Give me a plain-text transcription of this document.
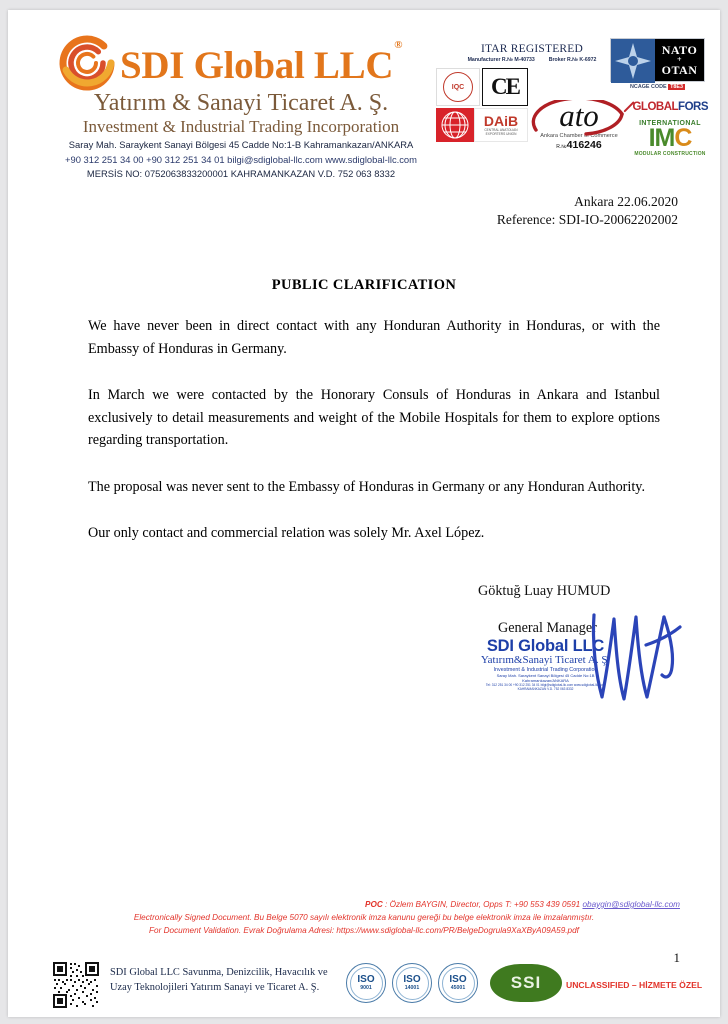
SDI Global LLC®
Yatırım & Sanayi Ticaret A. Ş.
Investment & Industrial Trading Incorporation
Saray Mah. Saraykent Sanayi Bölgesi 45 Cadde No:1-B Kahramankazan/ANKARA
+90 312 251 34 00 +90 312 251 34 01 bilgi@sdiglobal-llc.com www.sdiglobal-llc.com
MERSİS NO: 0752063833200001 KAHRAMANKAZAN V.D. 752 063 8332
ITAR REGISTERED
Manufacturer R.№ M-40733	Broker R.№ K-6972
NATO
+
OTAN
NCAGE CODE T8E3
IQC	CE
DAiB
CENTRAL ANATOLIAN EXPORTERS UNION
ato
Ankara Chamber of Commerce
R.№416246
GLOBALFORS
INTERNATIONAL
IMC
MODULAR CONSTRUCTION
Ankara 22.06.2020
Reference: SDI-IO-20062202002
PUBLIC CLARIFICATION

We have never been in direct contact with any Honduran Authority in Honduras, or with the Embassy of Honduras in Germany.

In March we were contacted by the Honorary Consuls of Honduras in Ankara and Istanbul exclusively to detail measurements and weight of the Mobile Hospitals for them to explore options regarding transportation.

The proposal was never sent to the Embassy of Honduras in Germany or any Honduran Authority.

Our only contact and commercial relation was solely Mr. Axel López.

Göktuğ Luay HUMUD
General Manager
SDI Global LLC
Yatırım&Sanayi Ticaret A. Ş.
Investment & Industrial Trading Corporation
Saray Mah. Saraykent Sanayi Bölgesi 45 Cadde No:1B
Kahramankazan/ANKARA
Tel: 312 251 34 00 +90 312 251 34 01 bilgi@sdiglobal-llc.com www.sdiglobal-llc.com
KAHRAMANKAZAN V.D. 752 063 8332
POC : Özlem BAYGIN, Director, Opps T: +90 553 439 0591 obaygin@sdiglobal-llc.com
Electronically Signed Document. Bu Belge 5070 sayılı elektronik imza kanunu gereği bu belge elektronik imza ile imzalanmıştır.
For Document Validation. Evrak Doğrulama Adresi: https://www.sdiglobal-llc.com/PR/BelgeDogrula9XaXByA09A59.pdf
SDI Global LLC Savunma, Denizcilik, Havacılık ve
Uzay Teknolojileri Yatırım Sanayi ve Ticaret A. Ş.
ISO
9001
ISO
14001
ISO
45001	SSI	UNCLASSIFIED – HİZMETE ÖZEL
1
